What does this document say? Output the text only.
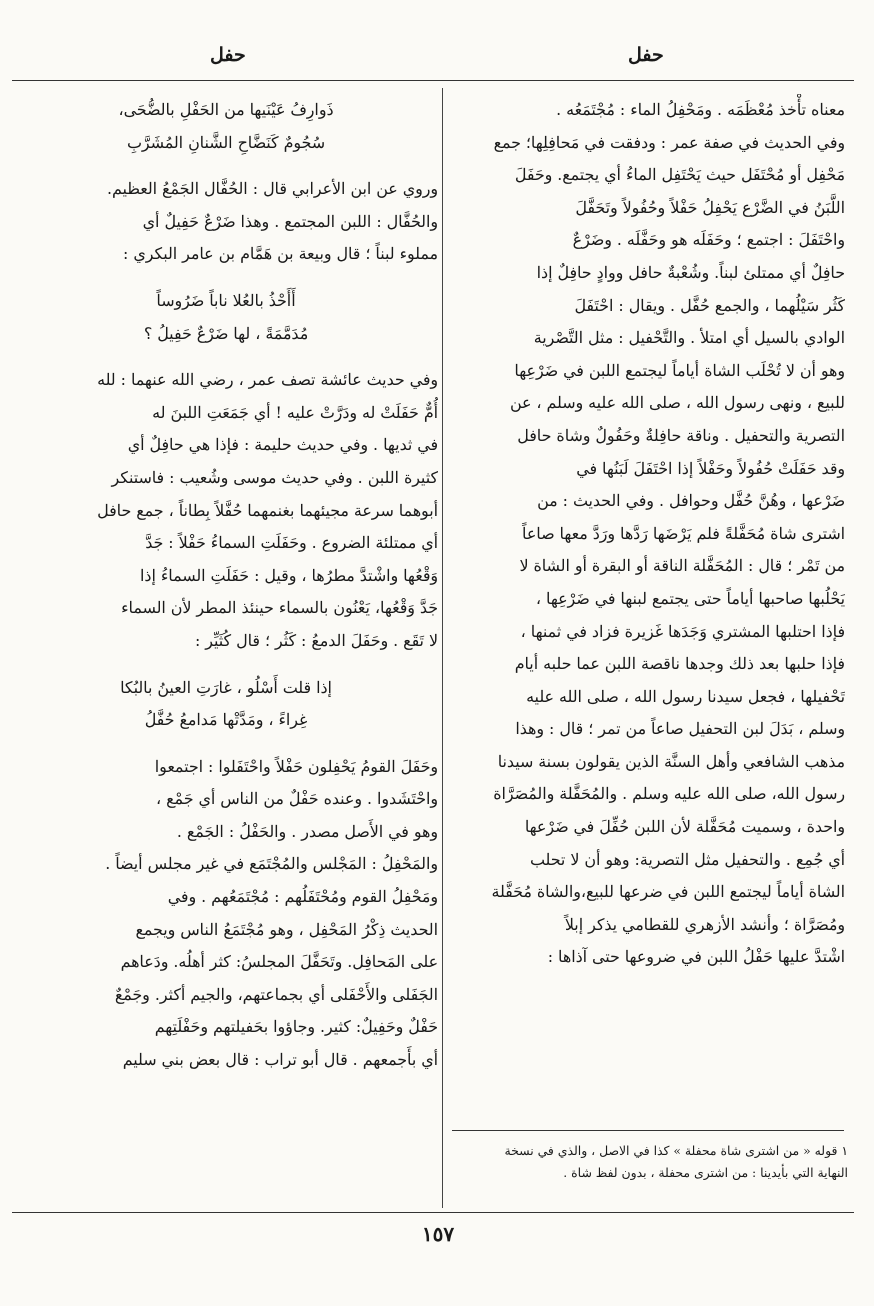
حفل
حفل
معناه تأْخذ مُعْظَمَه . ومَحْفِلُ الماء : مُجْتَمَعُه .
وفي الحديث في صفة عمر : ودفقت في مَحافِلِها؛ جمع
مَحْفِل أو مُحْتَفَل حيث يَحْتَفِل الماءُ أي يجتمع. وحَفَلَ
اللَّبَنُ في الضَّرْع يَحْفِلُ حَفْلاً وحُفُولاً وتَحَفَّلَ
واحْتَفَلَ : اجتمع ؛ وحَفَلَه هو وحَفَّلَه . وضَرْعٌ
حافِلٌ أي ممتلئ لبناً. وشُعْبةٌ حافل ووادٍ حافِلٌ إذا
كَثُر سَيْلُهما ، والجمع حُفَّل . ويقال : احْتَفَلَ
الوادي بالسيل أي امتلأ . والتَّحْفيل : مثل التَّصْرية
وهو أن لا تُحْلَب الشاة أياماً ليجتمع اللبن في ضَرْعِها
للبيع ، ونهى رسول الله ، صلى الله عليه وسلم ، عن
التصرية والتحفيل . وناقة حافِلةٌ وحَفُولٌ وشاة حافل
وقد حَفَلَتْ حُفُولاً وحَفْلاً إذا احْتَفَلَ لَبَنُها في
ضَرْعها ، وهُنَّ حُفَّل وحوافل . وفي الحديث : من
اشترى شاة مُحَفَّلةً فلم يَرْضَها رَدَّها ورَدَّ معها صاعاً
من تَمْر ؛ قال : المُحَفَّلة الناقة أو البقرة أو الشاة لا
يَحْلُبها صاحبها أياماً حتى يجتمع لبنها في ضَرْعِها ،
فإذا احتلبها المشتري وَجَدَها غَزيرة فزاد في ثمنها ،
فإذا حلبها بعد ذلك وجدها ناقصة اللبن عما حلبه أيام
تَحْفيلها ، فجعل سيدنا رسول الله ، صلى الله عليه
وسلم ، بَدَلَ لبن التحفيل صاعاً من تمر ؛ قال : وهذا
مذهب الشافعي وأهل السنَّة الذين يقولون بسنة سيدنا
رسول الله، صلى الله عليه وسلم . والمُحَفَّلة والمُصَرَّاة
واحدة ، وسميت مُحَفَّلة لأن اللبن حُفِّلَ في ضَرْعها
أي جُمِع . والتحفيل مثل التصرية: وهو أن لا تحلب
الشاة أياماً ليجتمع اللبن في ضرعها للبيع،والشاة مُحَفَّلة
ومُصَرَّاة ؛ وأنشد الأزهري للقطامي يذكر إبلاً
اشْتدَّ عليها حَفْلُ اللبن في ضروعها حتى آذاها :
ذَوارِفُ عَيْنَيها من الحَفْلِ بالضُّحَى،
سُجُومٌ كَنَضَّاحِ الشَّنانِ المُشَرَّبِ

وروي عن ابن الأعرابي قال : الحُفَّال الجَمْعُ العظيم.
والحُفَّال : اللبن المجتمع . وهذا ضَرْعٌ حَفِيلٌ أي
مملوء لبناً ؛ قال وبيعة بن هَمَّام بن عامر البكري :

أَأَحْذُ بالعُلا ناباً ضَرُوساً
مُدَمَّمَةً ، لها ضَرْعٌ حَفِيلُ ؟

وفي حديث عائشة تصف عمر ، رضي الله عنهما : لله
أُمٌّ حَفَلَتْ له ودَرَّتْ عليه ! أي جَمَعَتِ اللبنَ له
في ثديها . وفي حديث حليمة : فإذا هي حافِلٌ أي
كثيرة اللبن . وفي حديث موسى وشُعيب : فاستنكر
أبوهما سرعة مجيئهما بغنمهما حُفَّلاً بِطاناً ، جمع حافل
أي ممتلئة الضروع . وحَفَلَتِ السماءُ حَفْلاً : جَدَّ
وَقْعُها واشْتدَّ مطرُها ، وقيل : حَفَلَتِ السماءُ إذا
جَدَّ وَقْعُها، يَعْنُون بالسماء حينئذ المطر لأن السماء
لا تَقَع . وحَفَلَ الدمعُ : كَثُر ؛ قال كُثَيِّر :

إذا قلت أَسْلُو ، غارَتِ العينُ بالبُكا
غِراءً ، ومَدَّتْها مَدامعُ حُفَّلُ

وحَفَلَ القومُ يَحْفِلون حَفْلاً واحْتَفَلوا : اجتمعوا
واحْتَشَدوا . وعنده حَفْلٌ من الناس أي جَمْع ،
وهو في الأَصل مصدر . والحَفْلُ : الجَمْع .
والمَحْفِلُ : المَجْلس والمُجْتَمَع في غير مجلس أيضاً .
ومَحْفِلُ القوم ومُحْتَفَلُهم : مُجْتَمَعُهم . وفي
الحديث ذِكْرُ المَحْفِل ، وهو مُجْتَمَعُ الناس ويجمع
على المَحافِل. وتَحَفَّلَ المجلسُ: كثر أهلُه. ودَعاهم
الجَفَلى والأَحْفَلى أي بجماعتهم، والجيم أكثر. وجَمْعٌ
حَفْلٌ وحَفِيلٌ: كثير. وجاؤوا بحَفيلتهم وحَفْلَتِهم
أي بأَجمعهم . قال أبو تراب : قال بعض بني سليم

١ قوله « من اشترى شاة محفلة » كذا في الاصل ، والذي في نسخة
النهاية التي بأيدينا : من اشترى محفلة ، بدون لفظ شاة .
١٥٧
